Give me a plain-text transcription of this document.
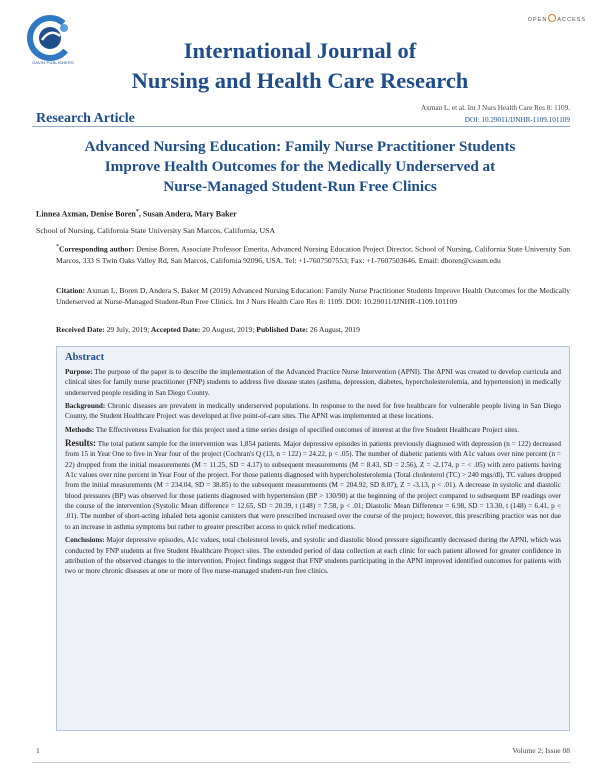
GAVIN PUBLISHERS
OPEN ACCESS
International Journal of
Nursing and Health Care Research
Research Article
Axman L, et al. Int J Nurs Health Care Res 8: 1109.
DOI: 10.29011/IJNHR-1109.101109
Advanced Nursing Education: Family Nurse Practitioner Students
Improve Health Outcomes for the Medically Underserved at
Nurse-Managed Student-Run Free Clinics
Linnea Axman, Denise Boren*, Susan Andera, Mary Baker
School of Nursing, California State University San Marcos, California, USA
*Corresponding author: Denise Boren, Associate Professor Emerita, Advanced Nursing Education Project Director, School of Nursing, California State University San Marcos, 333 S Twin Oaks Valley Rd, San Marcos, California 92096, USA. Tel: +1-7607507553; Fax: +1-7607503646. Email: dboren@csusm.edu
Citation: Axman L, Boren D, Andera S, Baker M (2019) Advanced Nursing Education: Family Nurse Practitioner Students Improve Health Outcomes for the Medically Underserved at Nurse-Managed Student-Run Free Clinics. Int J Nurs Health Care Res 8: 1109. DOI: 10.29011/IJNHR-1109.101109
Received Date: 29 July, 2019; Accepted Date: 20 August, 2019; Published Date: 26 August, 2019
Abstract

Purpose: The purpose of the paper is to describe the implementation of the Advanced Practice Nurse Intervention (APNI). The APNI was created to develop curricula and clinical sites for family nurse practitioner (FNP) students to address five disease states (asthma, depression, diabetes, hypercholesterolemia, and hypertension) in medically underserved people residing in San Diego County.

Background: Chronic diseases are prevalent in medically underserved populations. In response to the need for free healthcare for vulnerable people living in San Diego County, the Student Healthcare Project was developed at five point-of-care sites. The APNI was implemented at these locations.

Methods: The Effectiveness Evaluation for this project used a time series design of specified outcomes of interest at the five Student Healthcare Project sites.

Results: The total patient sample for the intervention was 1,854 patients. Major depressive episodes in patients previously diagnosed with depression (n = 122) decreased from 15 in Year One to five in Year four of the project (Cochran's Q (13, n = 122) = 24.22, p < .05). The number of diabetic patients with A1c values over nine percent (n = 22) dropped from the initial measurements (M = 11.25, SD = 4.17) to subsequent measurements (M = 8.43, SD = 2.56), Z = -2.174, p = < .05) with zero patients having A1c values over nine percent in Year Four of the project. For those patients diagnosed with hypercholesterolemia (Total cholesterol (TC) > 240 mgs/dl), TC values dropped from the initial measurements (M = 234.04, SD = 38.85) to the subsequent measurements (M = 204.92, SD 8.07), Z = -3.13, p < .01). A decrease in systolic and diastolic blood pressures (BP) was observed for those patients diagnosed with hypertension (BP > 130/90) at the beginning of the project compared to subsequent BP readings over the course of the intervention (Systolic Mean difference = 12.65, SD = 20.39, t (148) = 7.58, p < .01; Diastolic Mean Difference = 6.98, SD = 13.30, t (148) = 6.41, p < .01). The number of short-acting inhaled beta agonist canisters that were prescribed increased over the course of the project; however, this prescribing practice was not due to an increase in asthma symptoms but rather to greater prescriber access to quick relief medications.

Conclusions: Major depressive episodes, A1c values, total cholesterol levels, and systolic and diastolic blood pressure significantly decreased during the APNI, which was conducted by FNP students at five Student Healthcare Project sites. The extended period of data collection at each clinic for each patient allowed for greater confidence in attribution of the observed changes to the intervention. Project findings suggest that FNP students participating in the APNI improved identified outcomes for patients with two or more chronic diseases at one or more of five nurse-managed student-run free clinics.

1	Volume 2; Issue 08
